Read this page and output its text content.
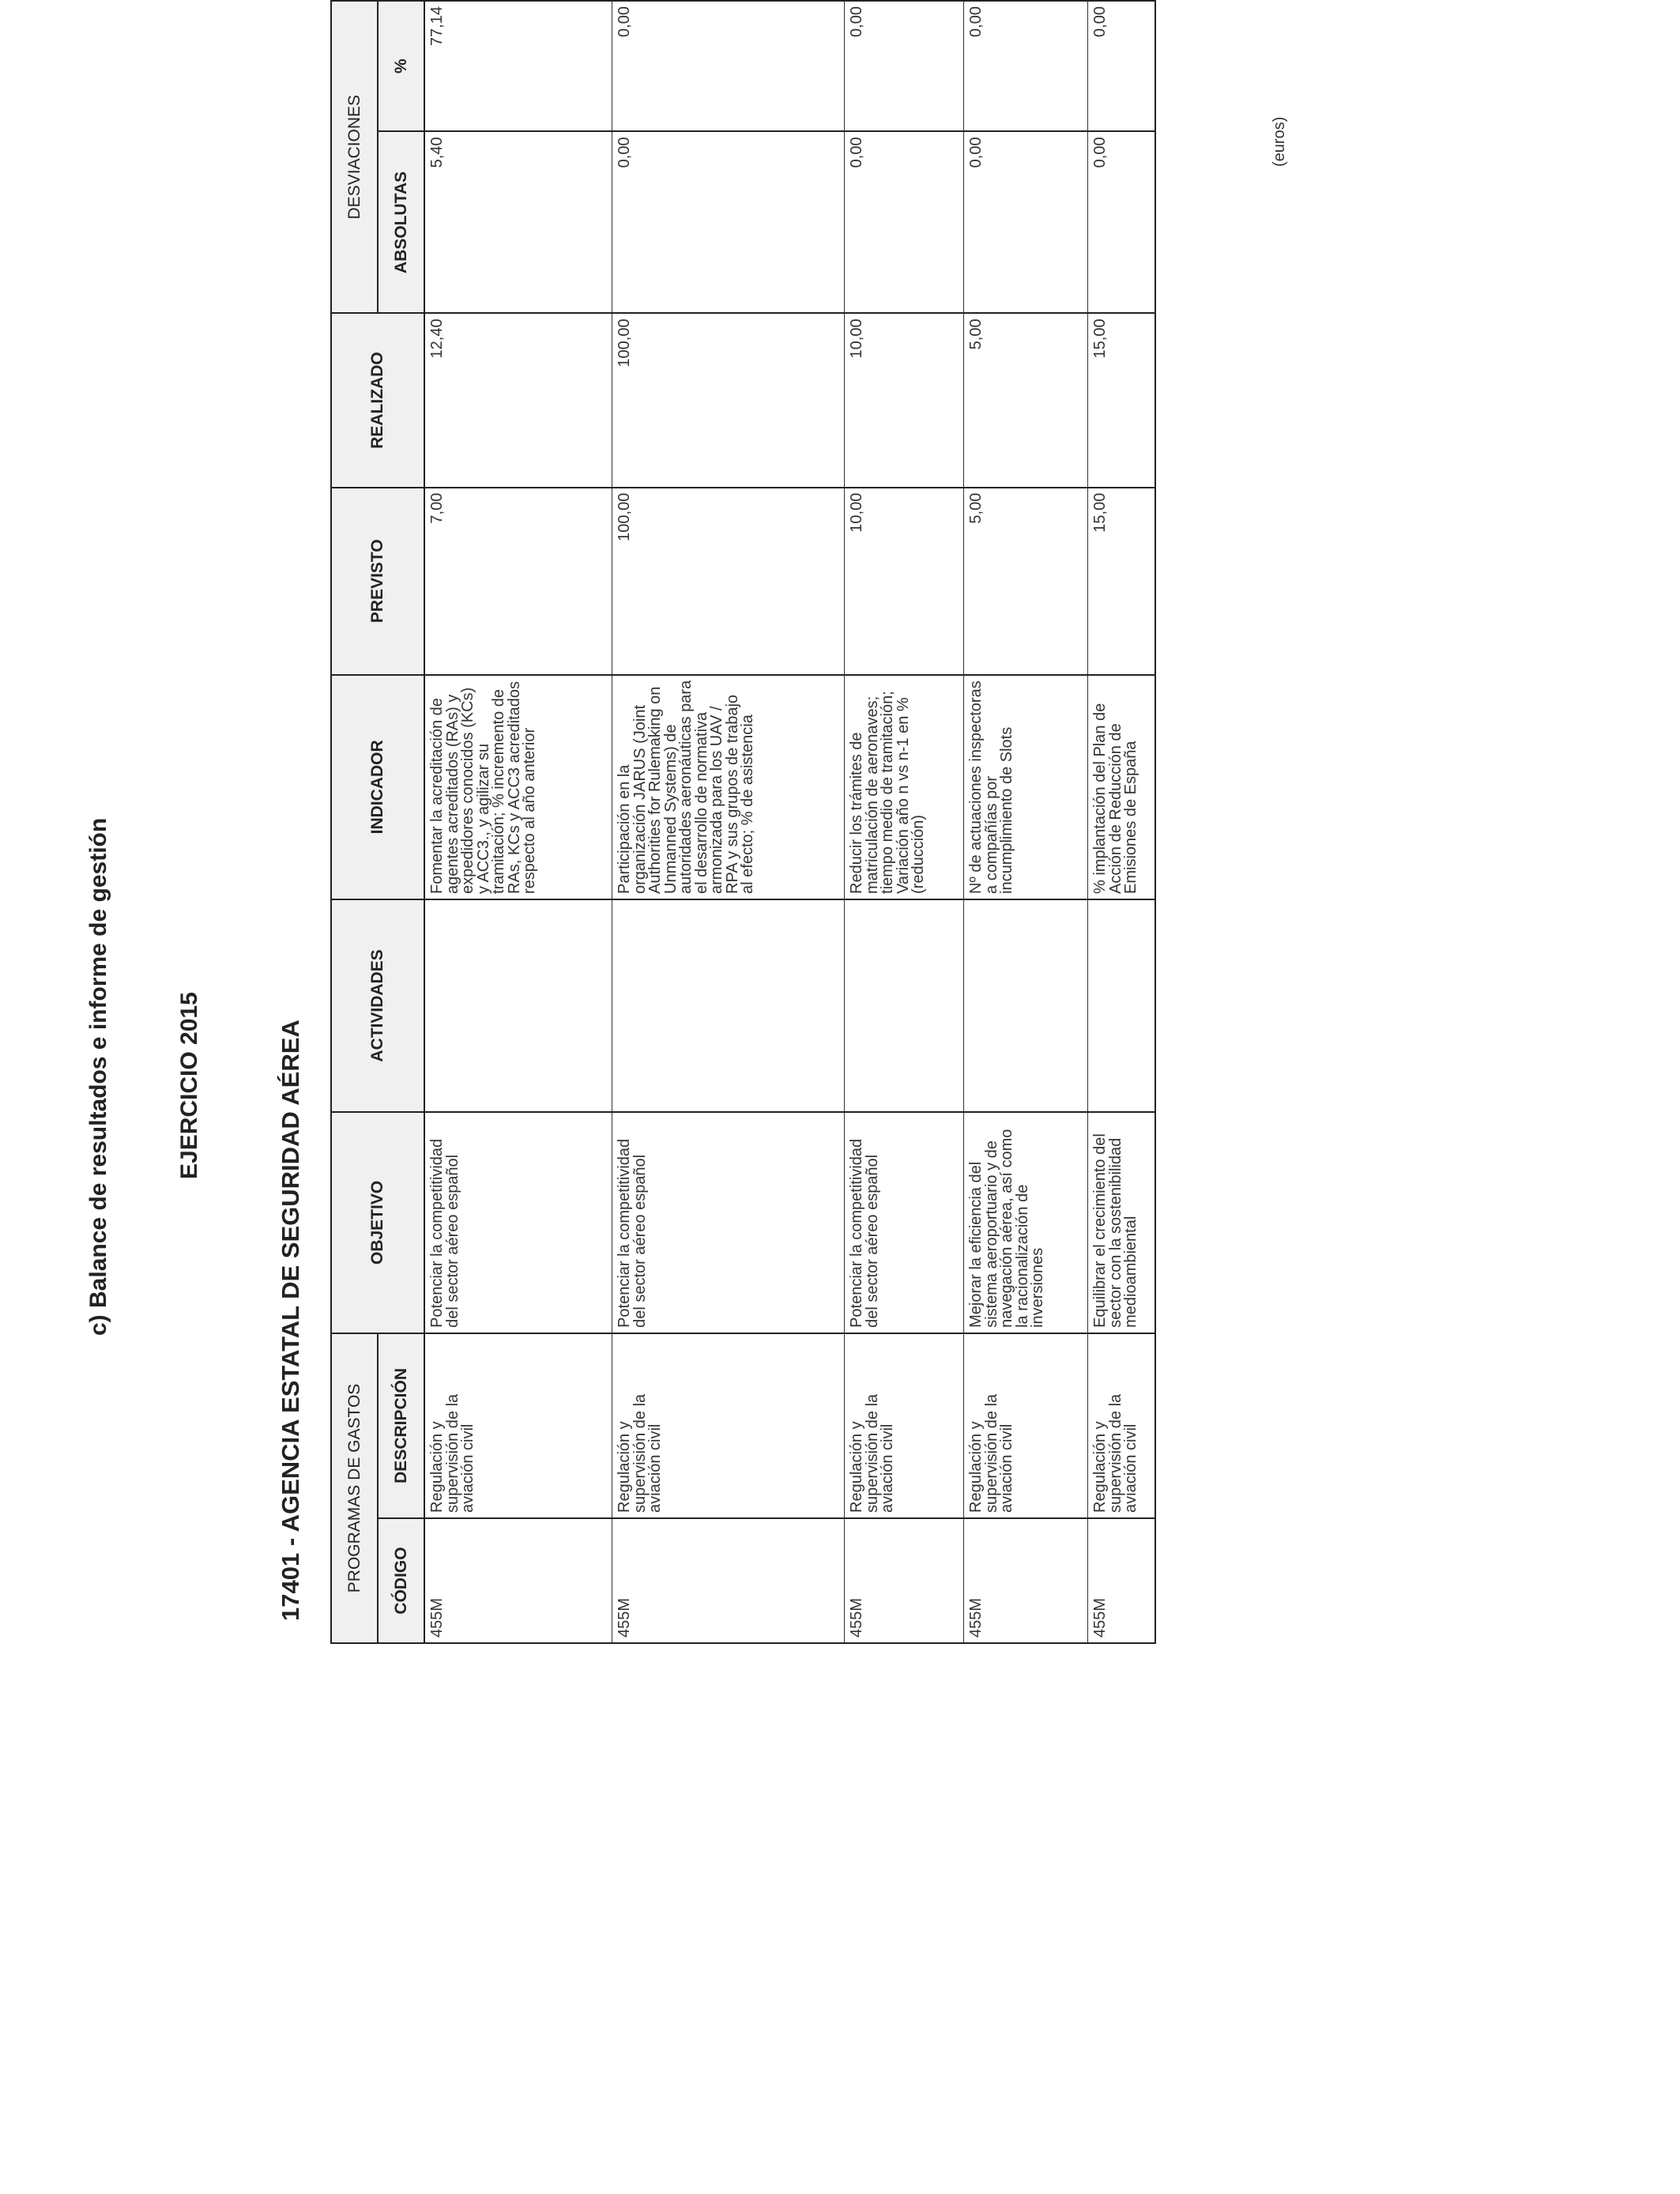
c) Balance de resultados e informe de gestión	EJERCICIO 2015	17401 - AGENCIA ESTATAL DE SEGURIDAD AÉREA
(euros)
PROGRAMAS DE GASTOS		OBJETIVO	ACTIVIDADES	INDICADOR	PREVISTO	REALIZADO	DESVIACIONES	
CÓDIGO	DESCRIPCIÓN						ABSOLUTAS	%

455M	Regulación y supervisión de la aviación civil	Potenciar la competitividad del sector aéreo español		Fomentar la acreditación de agentes acreditados (RAs) y expedidores conocidos (KCs) y ACC3., y agilizar su tramitación; % incremento de RAs, KCs y ACC3 acreditados respecto al año anterior	7,00	12,40	5,40	77,14

455M	Regulación y supervisión de la aviación civil	Potenciar la competitividad del sector aéreo español		Participación en la organización JARUS (Joint Authorities for Rulemaking on Unmanned Systems) de autoridades aeronáuticas para el desarrollo de normativa armonizada para los UAV / RPA y sus grupos de trabajo al efecto; % de asistencia	100,00	100,00	0,00	0,00

455M	Regulación y supervisión de la aviación civil	Potenciar la competitividad del sector aéreo español		Reducir los trámites de matriculación de aeronaves; tiempo medio de tramitación; Variación año n vs n-1 en % (reducción)	10,00	10,00	0,00	0,00

455M	Regulación y supervisión de la aviación civil	Mejorar la eficiencia del sistema aeroportuario y de navegación aérea, así como la racionalización de inversiones		Nº de actuaciones inspectoras a compañías por incumplimiento de Slots	5,00	5,00	0,00	0,00

455M	Regulación y supervisión de la aviación civil	Equilibrar el crecimiento del sector con la sostenibilidad medioambiental		% implantación del Plan de Acción de Reducción de Emisiones de España	15,00	15,00	0,00	0,00
